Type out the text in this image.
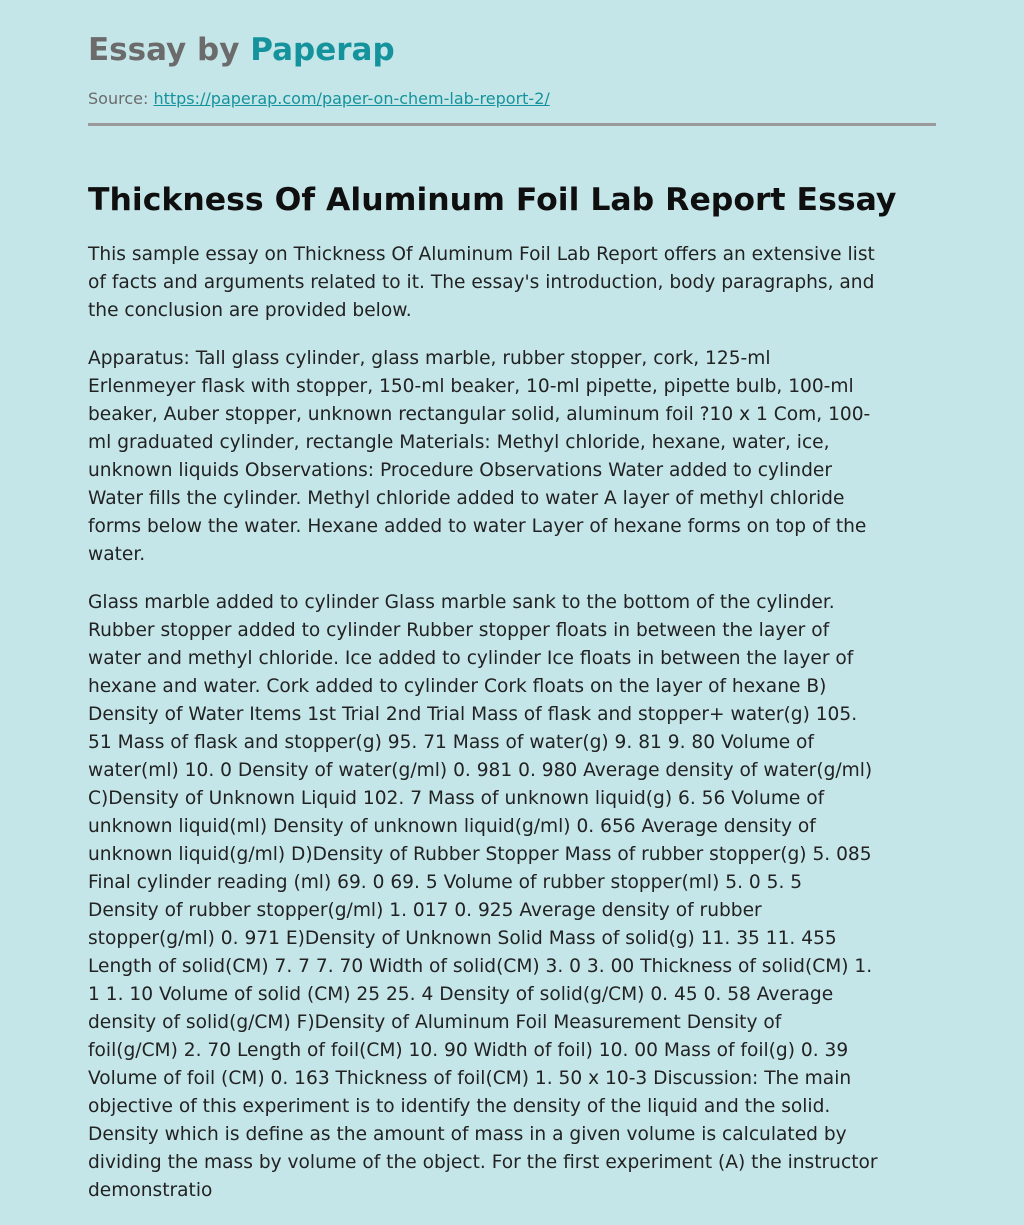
Essay by Paperap
Source: https://paperap.com/paper-on-chem-lab-report-2/
Thickness Of Aluminum Foil Lab Report Essay

This sample essay on Thickness Of Aluminum Foil Lab Report offers an extensive list
of facts and arguments related to it. The essay's introduction, body paragraphs, and
the conclusion are provided below.

Apparatus: Tall glass cylinder, glass marble, rubber stopper, cork, 125-ml
Erlenmeyer flask with stopper, 150-ml beaker, 10-ml pipette, pipette bulb, 100-ml
beaker, Auber stopper, unknown rectangular solid, aluminum foil ?10 x 1 Com, 100-
ml graduated cylinder, rectangle Materials: Methyl chloride, hexane, water, ice,
unknown liquids Observations: Procedure Observations Water added to cylinder
Water fills the cylinder. Methyl chloride added to water A layer of methyl chloride
forms below the water. Hexane added to water Layer of hexane forms on top of the
water.

Glass marble added to cylinder Glass marble sank to the bottom of the cylinder.
Rubber stopper added to cylinder Rubber stopper floats in between the layer of
water and methyl chloride. Ice added to cylinder Ice floats in between the layer of
hexane and water. Cork added to cylinder Cork floats on the layer of hexane B)
Density of Water Items 1st Trial 2nd Trial Mass of flask and stopper+ water(g) 105.
51 Mass of flask and stopper(g) 95. 71 Mass of water(g) 9. 81 9. 80 Volume of
water(ml) 10. 0 Density of water(g/ml) 0. 981 0. 980 Average density of water(g/ml)
C)Density of Unknown Liquid 102. 7 Mass of unknown liquid(g) 6. 56 Volume of
unknown liquid(ml) Density of unknown liquid(g/ml) 0. 656 Average density of
unknown liquid(g/ml) D)Density of Rubber Stopper Mass of rubber stopper(g) 5. 085
Final cylinder reading (ml) 69. 0 69. 5 Volume of rubber stopper(ml) 5. 0 5. 5
Density of rubber stopper(g/ml) 1. 017 0. 925 Average density of rubber
stopper(g/ml) 0. 971 E)Density of Unknown Solid Mass of solid(g) 11. 35 11. 455
Length of solid(CM) 7. 7 7. 70 Width of solid(CM) 3. 0 3. 00 Thickness of solid(CM) 1.
1 1. 10 Volume of solid (CM) 25 25. 4 Density of solid(g/CM) 0. 45 0. 58 Average
density of solid(g/CM) F)Density of Aluminum Foil Measurement Density of
foil(g/CM) 2. 70 Length of foil(CM) 10. 90 Width of foil) 10. 00 Mass of foil(g) 0. 39
Volume of foil (CM) 0. 163 Thickness of foil(CM) 1. 50 x 10-3 Discussion: The main
objective of this experiment is to identify the density of the liquid and the solid.
Density which is define as the amount of mass in a given volume is calculated by
dividing the mass by volume of the object. For the first experiment (A) the instructor
demonstratio
